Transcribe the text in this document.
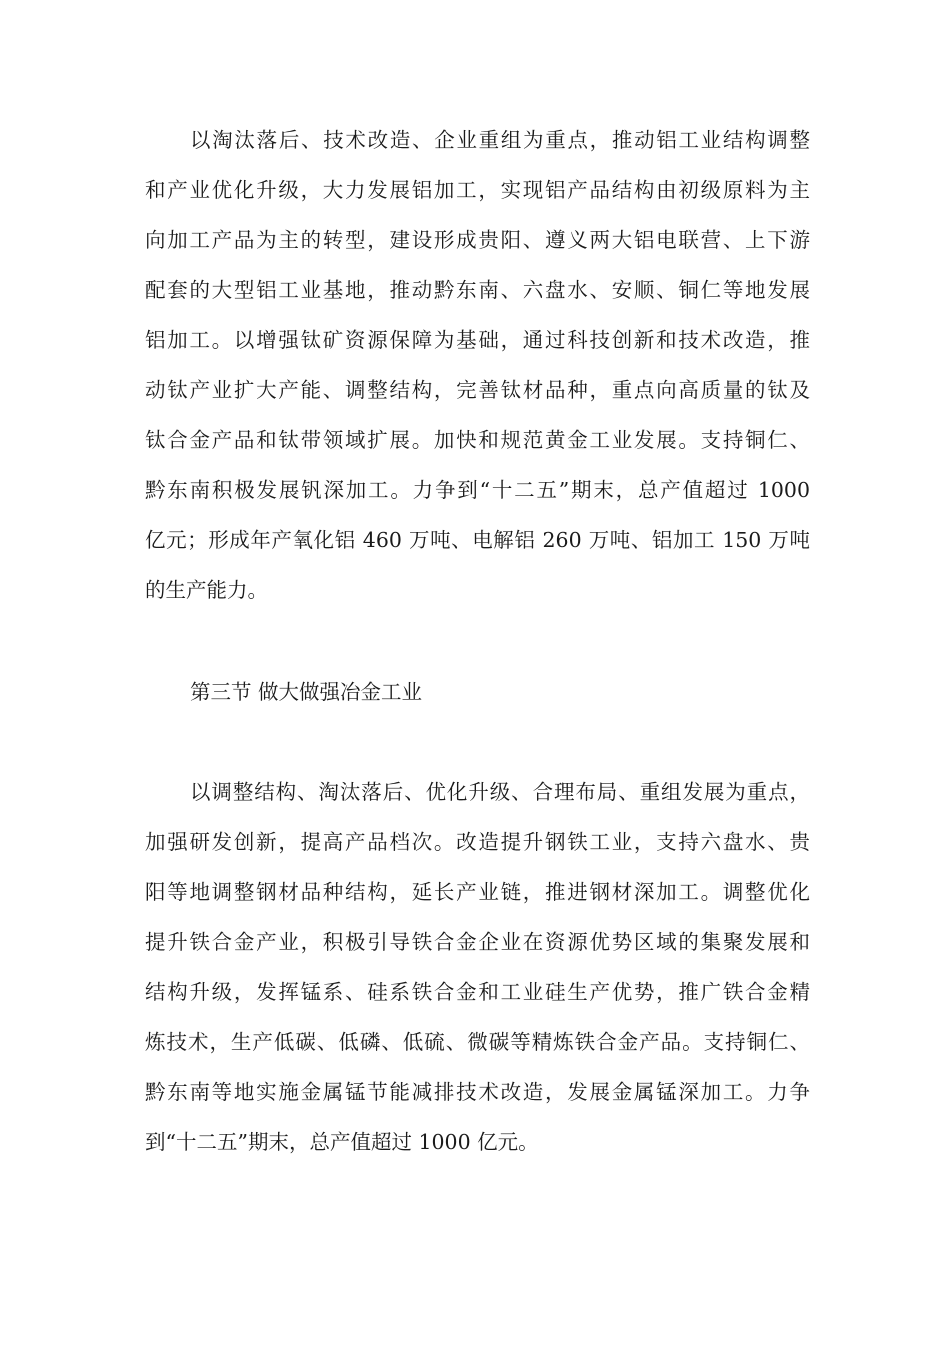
以淘汰落后、技术改造、企业重组为重点，推动铝工业结构调整
和产业优化升级，大力发展铝加工，实现铝产品结构由初级原料为主
向加工产品为主的转型，建设形成贵阳、遵义两大铝电联营、上下游
配套的大型铝工业基地，推动黔东南、六盘水、安顺、铜仁等地发展
铝加工。以增强钛矿资源保障为基础，通过科技创新和技术改造，推
动钛产业扩大产能、调整结构，完善钛材品种，重点向高质量的钛及
钛合金产品和钛带领域扩展。加快和规范黄金工业发展。支持铜仁、
黔东南积极发展钒深加工。力争到“十二五”期末，总产值超过 1000
亿元；形成年产氧化铝 460 万吨、电解铝 260 万吨、铝加工 150 万吨
的生产能力。
第三节 做大做强冶金工业
以调整结构、淘汰落后、优化升级、合理布局、重组发展为重点，
加强研发创新，提高产品档次。改造提升钢铁工业，支持六盘水、贵
阳等地调整钢材品种结构，延长产业链，推进钢材深加工。调整优化
提升铁合金产业，积极引导铁合金企业在资源优势区域的集聚发展和
结构升级，发挥锰系、硅系铁合金和工业硅生产优势，推广铁合金精
炼技术，生产低碳、低磷、低硫、微碳等精炼铁合金产品。支持铜仁、
黔东南等地实施金属锰节能减排技术改造，发展金属锰深加工。力争
到“十二五”期末，总产值超过 1000 亿元。
